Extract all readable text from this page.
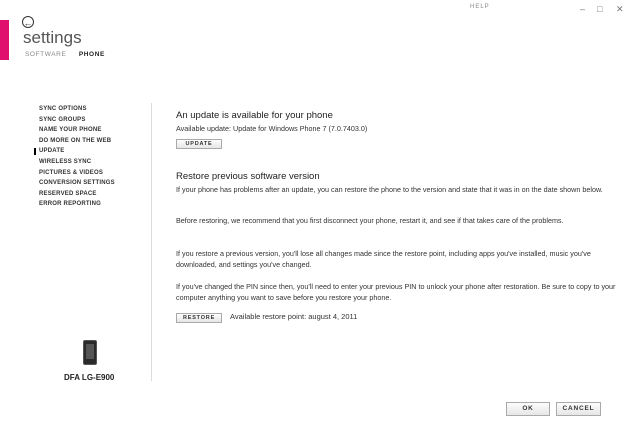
HELP	– □ ✕
←
settings
SOFTWARE PHONE
SYNC OPTIONS
SYNC GROUPS
NAME YOUR PHONE
DO MORE ON THE WEB
UPDATE
WIRELESS SYNC
PICTURES & VIDEOS
CONVERSION SETTINGS
RESERVED SPACE
ERROR REPORTING
DFA LG-E900

An update is available for your phone

Available update: Update for Windows Phone 7 (7.0.7403.0)

UPDATE

Restore previous software version

If your phone has problems after an update, you can restore the phone to the version and state that it was in on the date shown below.

Before restoring, we recommend that you first disconnect your phone, restart it, and see if that takes care of the problems.

If you restore a previous version, you'll lose all changes made since the restore point, including apps you've installed, music you've downloaded, and settings you've changed.

If you've changed the PIN since then, you'll need to enter your previous PIN to unlock your phone after restoration. Be sure to copy to your computer anything you want to save before you restore your phone.

RESTORE	Available restore point: august 4, 2011
OK	CANCEL
